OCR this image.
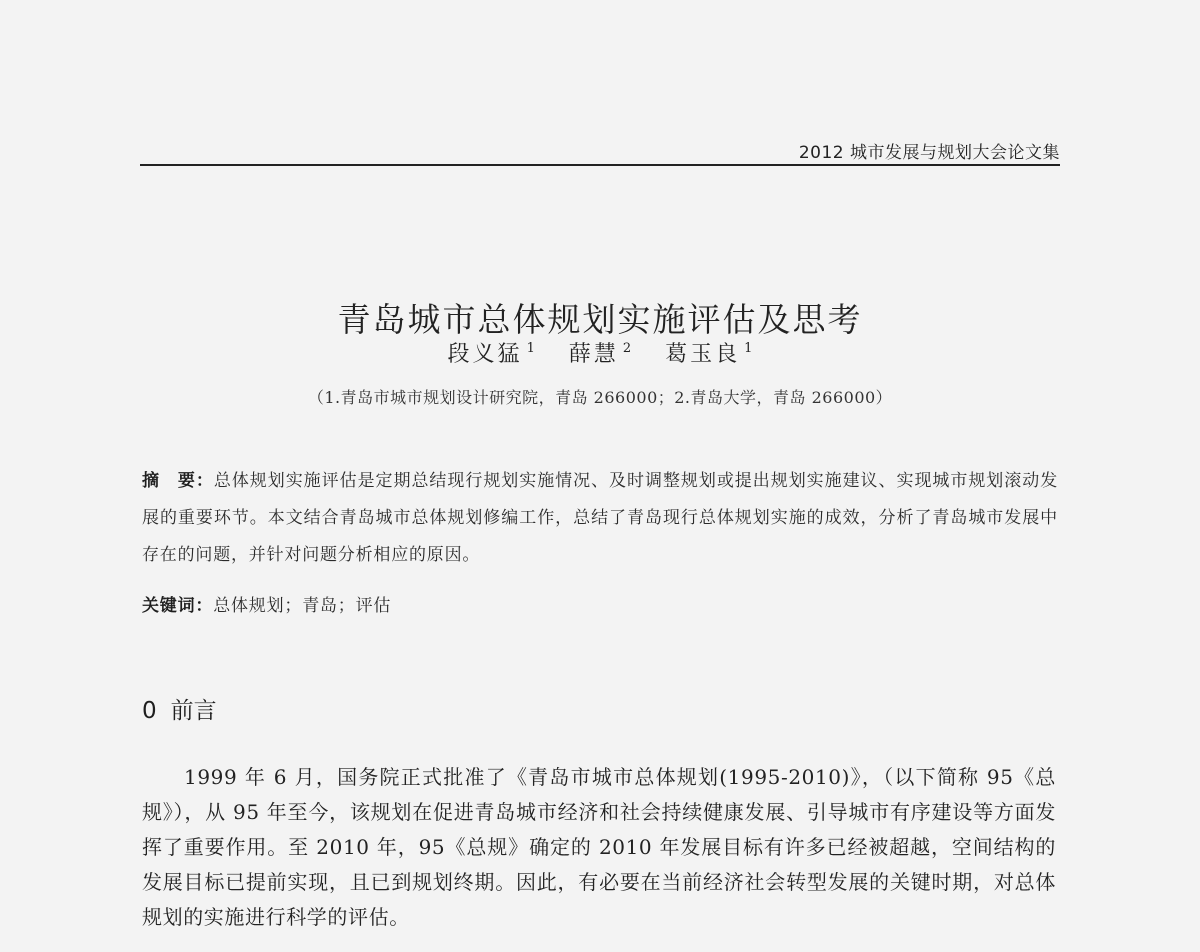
2012 城市发展与规划大会论文集
青岛城市总体规划实施评估及思考
段义猛 $^1$ 薛慧 $^2$ 葛玉良 $^1$
（1.青岛市城市规划设计研究院，青岛 266000；2.青岛大学，青岛 266000）

摘　要：总体规划实施评估是定期总结现行规划实施情况、及时调整规划或提出规划实施建议、实现城市规划滚动发展的重要环节。本文结合青岛城市总体规划修编工作，总结了青岛现行总体规划实施的成效，分析了青岛城市发展中存在的问题，并针对问题分析相应的原因。

关键词：总体规划；青岛；评估

0 前言

1999 年 6 月，国务院正式批准了《青岛市城市总体规划(1995-2010)》，（以下简称 95《总规》），从 95 年至今，该规划在促进青岛城市经济和社会持续健康发展、引导城市有序建设等方面发挥了重要作用。至 2010 年，95《总规》确定的 2010 年发展目标有许多已经被超越，空间结构的发展目标已提前实现，且已到规划终期。因此，有必要在当前经济社会转型发展的关键时期，对总体规划的实施进行科学的评估。
